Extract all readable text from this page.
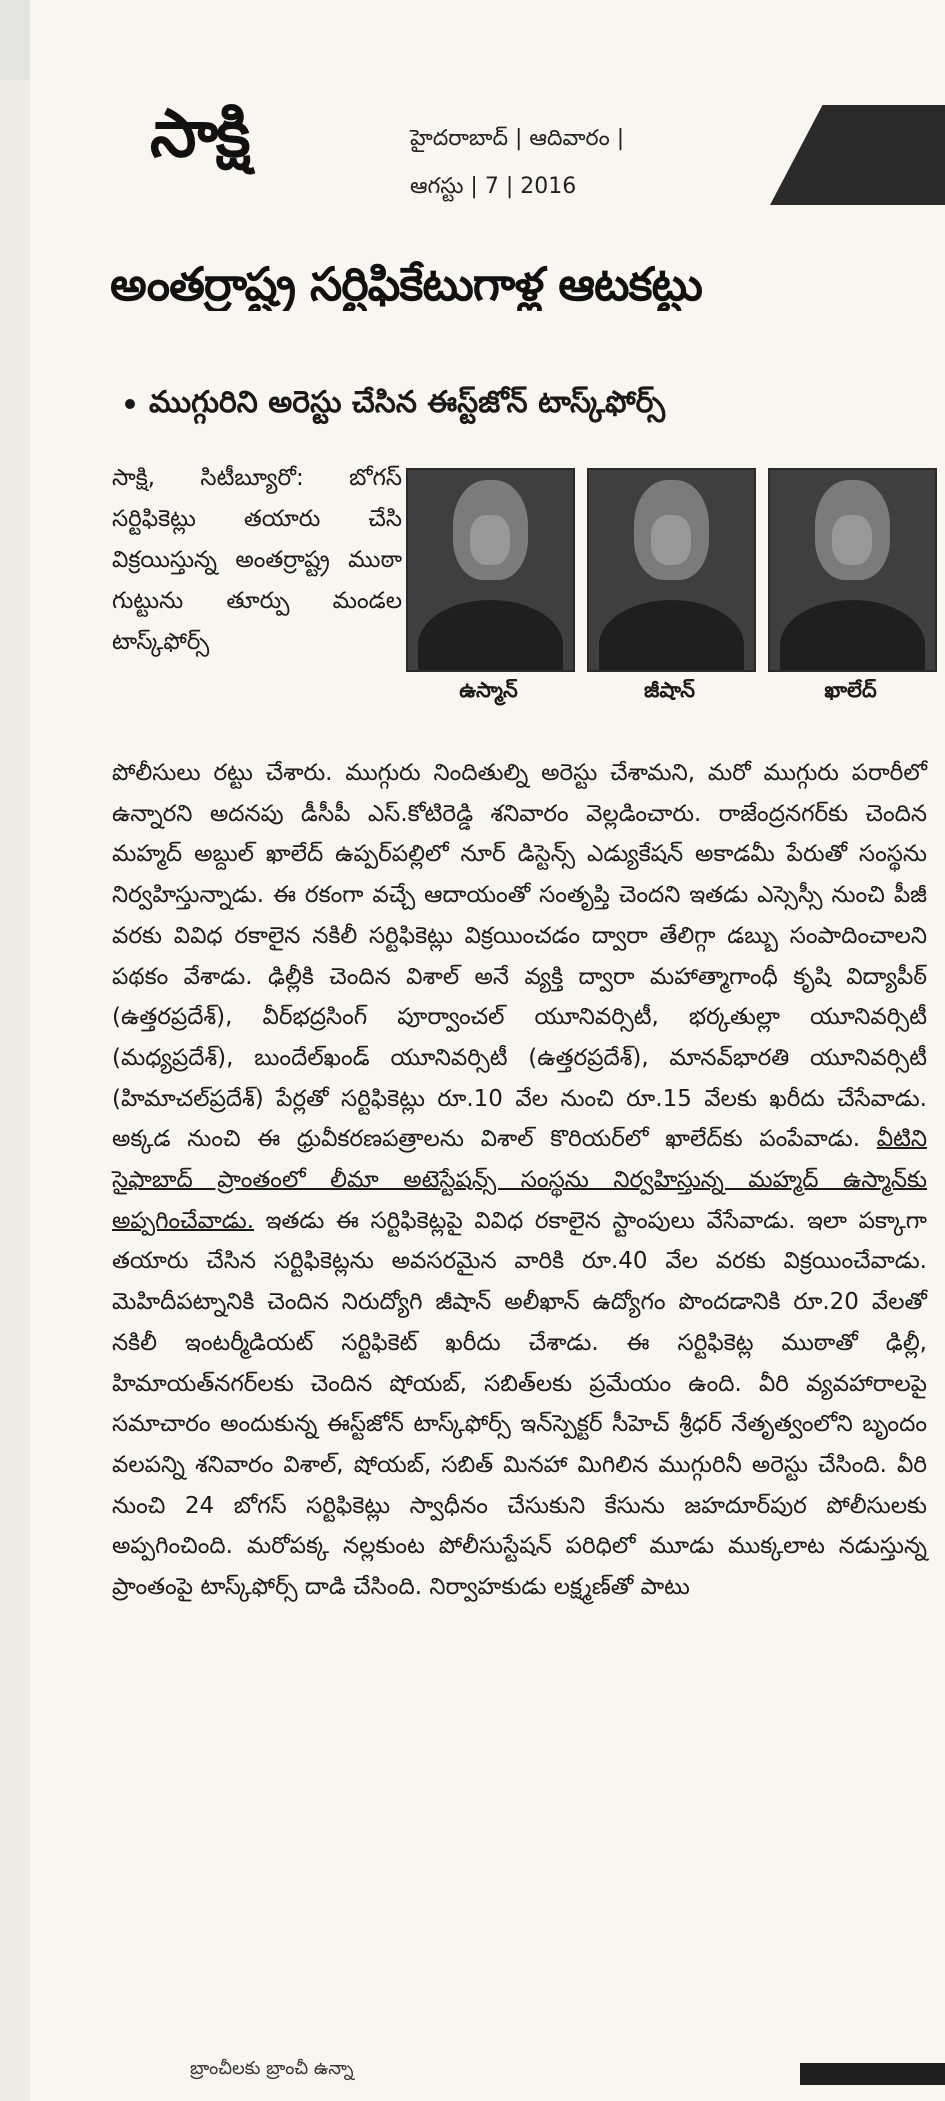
సాక్షి	హైదరాబాద్ | ఆదివారం |
ఆగస్టు | 7 | 2016
అంతర్రాష్ట్ర సర్టిఫికేటుగాళ్ల ఆటకట్టు
ముగ్గురిని అరెస్టు చేసిన ఈస్ట్‌జోన్ టాస్క్‌ఫోర్స్
సాక్షి, సిటీబ్యూరో: బోగస్ సర్టిఫికెట్లు తయారు చేసి విక్రయిస్తున్న అంతర్రాష్ట్ర ముఠా గుట్టును తూర్పు మండల టాస్క్‌ఫోర్స్
ఉస్మాన్	జీషాన్	ఖాలేద్
పోలీసులు రట్టు చేశారు. ముగ్గురు నిందితుల్ని అరెస్టు చేశామని, మరో ముగ్గురు పరారీలో ఉన్నారని అదనపు డీసీపీ ఎస్.కోటిరెడ్డి శనివారం వెల్లడించారు. రాజేంద్రనగర్‌కు చెందిన మహ్మద్ అబ్దుల్ ఖాలేద్ ఉప్పర్‌పల్లిలో నూర్ డిస్టెన్స్ ఎడ్యుకేషన్ అకాడమీ పేరుతో సంస్థను నిర్వహిస్తున్నాడు. ఈ రకంగా వచ్చే ఆదాయంతో సంతృప్తి చెందని ఇతడు ఎస్సెస్సీ నుంచి పీజీ వరకు వివిధ రకాలైన నకిలీ సర్టిఫికెట్లు విక్రయించడం ద్వారా తేలిగ్గా డబ్బు సంపాదించాలని పథకం వేశాడు. ఢిల్లీకి చెందిన విశాల్ అనే వ్యక్తి ద్వారా మహాత్మాగాంధీ కృషి విద్యాపీఠ్ (ఉత్తరప్రదేశ్), వీర్‌భద్రసింగ్ పూర్వాంచల్ యూనివర్సిటీ, భర్కతుల్లా యూనివర్సిటీ (మధ్యప్రదేశ్), బుందేల్‌ఖండ్ యూనివర్సిటీ (ఉత్తరప్రదేశ్), మానవ్‌భారతి యూనివర్సిటీ (హిమాచల్‌ప్రదేశ్) పేర్లతో సర్టిఫికెట్లు రూ.10 వేల నుంచి రూ.15 వేలకు ఖరీదు చేసేవాడు. అక్కడ నుంచి ఈ ధ్రువీకరణపత్రాలను విశాల్ కొరియర్‌లో ఖాలేద్‌కు పంపేవాడు. వీటిని సైఫాబాద్ ప్రాంతంలో లీమా అటెస్టేషన్స్ సంస్థను నిర్వహిస్తున్న మహ్మద్ ఉస్మాన్‌కు అప్పగించేవాడు. ఇతడు ఈ సర్టిఫికెట్లపై వివిధ రకాలైన స్టాంపులు వేసేవాడు. ఇలా పక్కాగా తయారు చేసిన సర్టిఫికెట్లను అవసరమైన వారికి రూ.40 వేల వరకు విక్రయించేవాడు. మెహిదీపట్నానికి చెందిన నిరుద్యోగి జీషాన్ అలీఖాన్ ఉద్యోగం పొందడానికి రూ.20 వేలతో నకిలీ ఇంటర్మీడియట్ సర్టిఫికెట్ ఖరీదు చేశాడు. ఈ సర్టిఫికెట్ల ముఠాతో ఢిల్లీ, హిమాయత్‌నగర్‌లకు చెందిన షోయబ్, సబిత్‌లకు ప్రమేయం ఉంది. వీరి వ్యవహారాలపై సమాచారం అందుకున్న ఈస్ట్‌జోన్ టాస్క్‌ఫోర్స్ ఇన్‌స్పెక్టర్ సీహెచ్ శ్రీధర్ నేతృత్వంలోని బృందం వలపన్ని శనివారం విశాల్, షోయబ్, సబిత్ మినహా మిగిలిన ముగ్గురినీ అరెస్టు చేసింది. వీరి నుంచి 24 బోగస్ సర్టిఫికెట్లు స్వాధీనం చేసుకుని కేసును జహదూర్‌పుర పోలీసులకు అప్పగించింది. మరోపక్క నల్లకుంట పోలీసుస్టేషన్ పరిధిలో మూడు ముక్కలాట నడుస్తున్న ప్రాంతంపై టాస్క్‌ఫోర్స్ దాడి చేసింది. నిర్వాహకుడు లక్ష్మణ్‌తో పాటు
బ్రాంచీలకు బ్రాంచీ ఉన్నా
